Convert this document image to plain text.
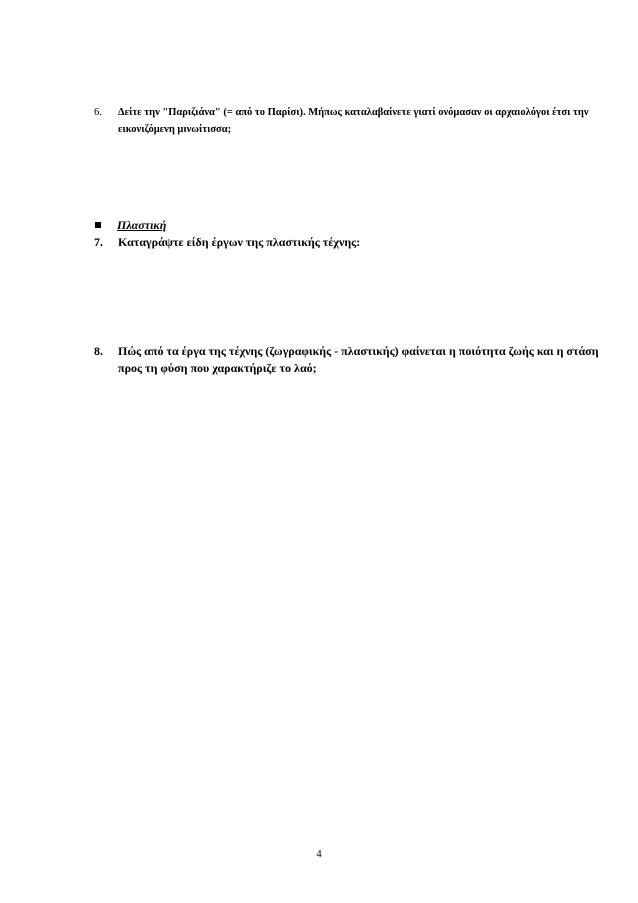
6. Δείτε την "Παριζιάνα" (= από το Παρίσι). Μήπως καταλαβαίνετε γιατί ονόμασαν οι αρχαιολόγοι έτσι την εικονιζόμενη μινωίτισσα;
Πλαστική
7. Καταγράψτε είδη έργων της πλαστικής τέχνης:
8. Πώς από τα έργα της τέχνης (ζωγραφικής - πλαστικής) φαίνεται η ποιότητα ζωής και η στάση προς τη φύση που χαρακτήριζε το λαό;
4
